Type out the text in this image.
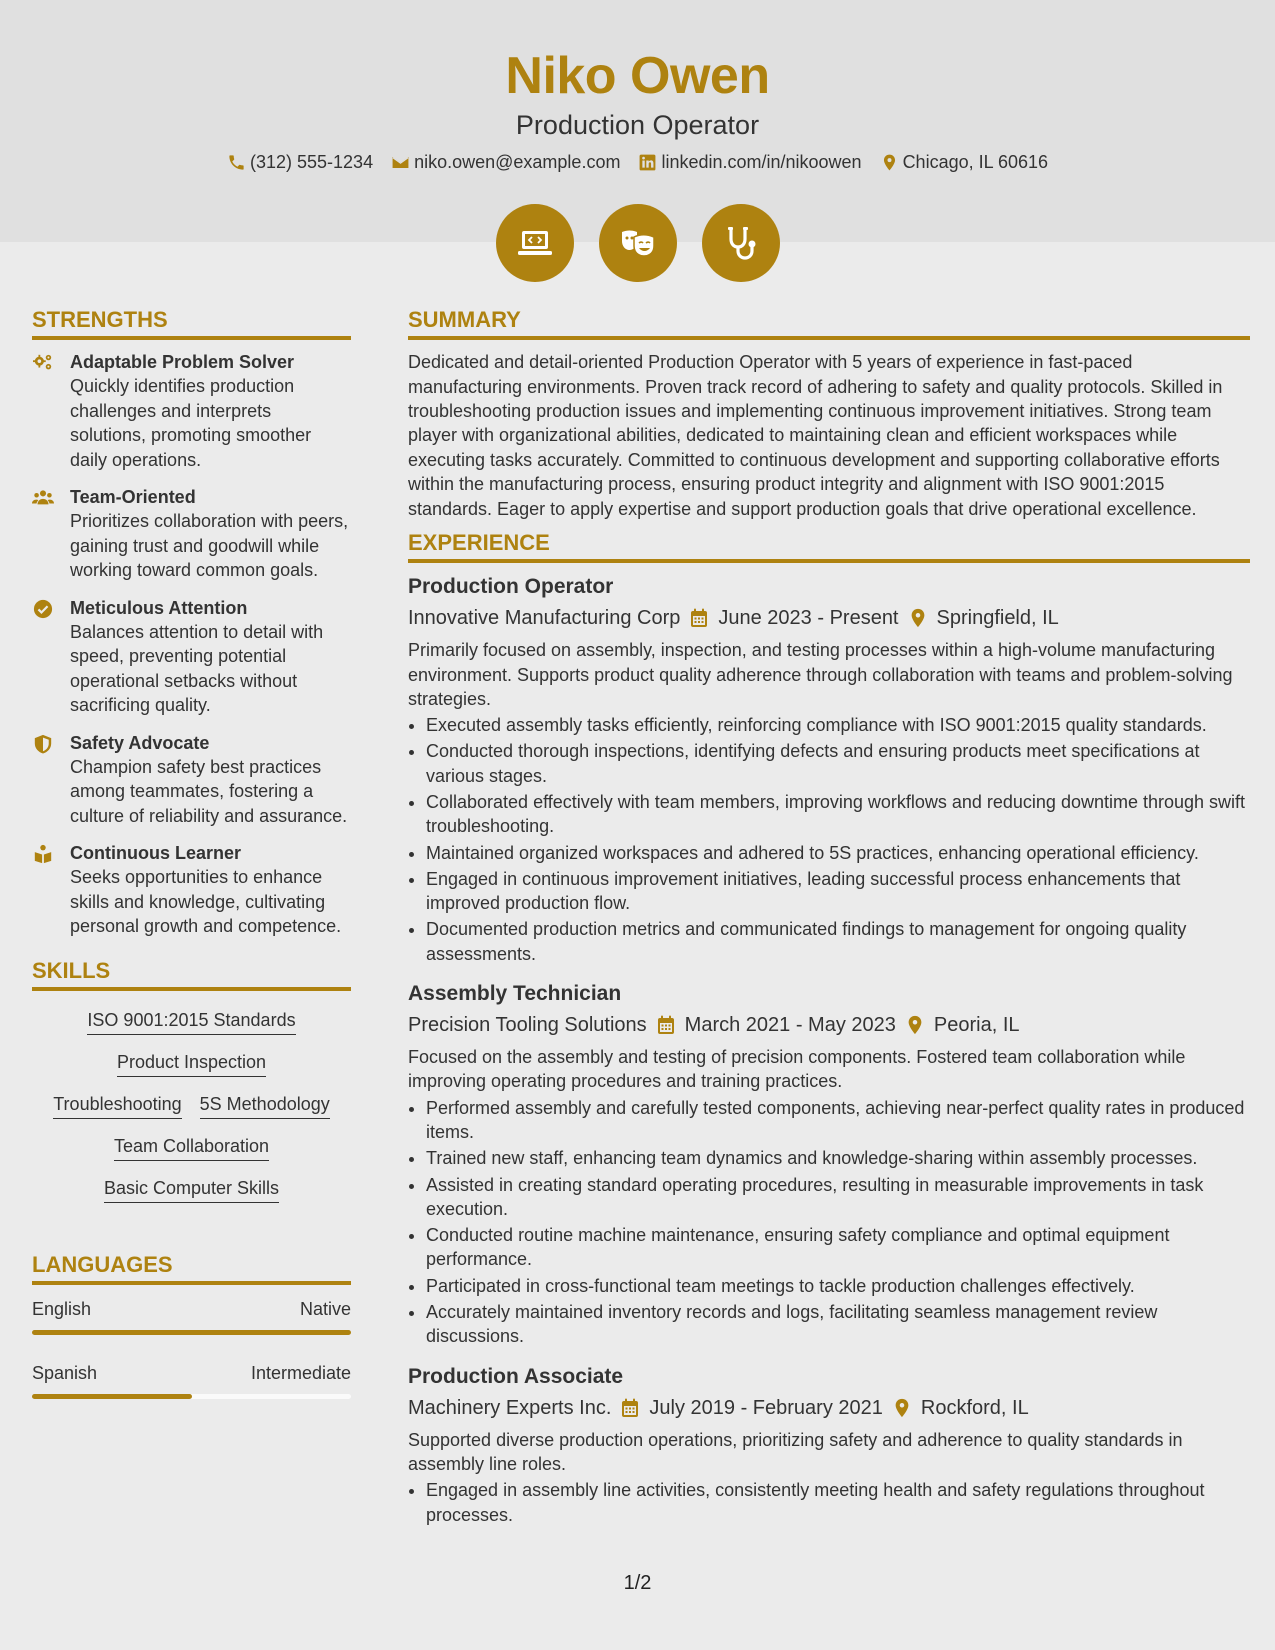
Niko Owen
Production Operator
(312) 555-1234 niko.owen@example.com linkedin.com/in/nikoowen Chicago, IL 60616
STRENGTHS
Adaptable Problem Solver
Quickly identifies production challenges and interprets solutions, promoting smoother daily operations.
Team-Oriented
Prioritizes collaboration with peers, gaining trust and goodwill while working toward common goals.
Meticulous Attention
Balances attention to detail with speed, preventing potential operational setbacks without sacrificing quality.
Safety Advocate
Champion safety best practices among teammates, fostering a culture of reliability and assurance.
Continuous Learner
Seeks opportunities to enhance skills and knowledge, cultivating personal growth and competence.
SKILLS
ISO 9001:2015 Standards
Product Inspection
Troubleshooting 5S Methodology
Team Collaboration
Basic Computer Skills
LANGUAGES
English	Native
Spanish	Intermediate
SUMMARY
Dedicated and detail-oriented Production Operator with 5 years of experience in fast-paced manufacturing environments. Proven track record of adhering to safety and quality protocols. Skilled in troubleshooting production issues and implementing continuous improvement initiatives. Strong team player with organizational abilities, dedicated to maintaining clean and efficient workspaces while executing tasks accurately. Committed to continuous development and supporting collaborative efforts within the manufacturing process, ensuring product integrity and alignment with ISO 9001:2015 standards. Eager to apply expertise and support production goals that drive operational excellence.
EXPERIENCE
Production Operator
Innovative Manufacturing Corp June 2023 - Present Springfield, IL
Primarily focused on assembly, inspection, and testing processes within a high-volume manufacturing environment. Supports product quality adherence through collaboration with teams and problem-solving strategies.
• Executed assembly tasks efficiently, reinforcing compliance with ISO 9001:2015 quality standards.
• Conducted thorough inspections, identifying defects and ensuring products meet specifications at various stages.
• Collaborated effectively with team members, improving workflows and reducing downtime through swift troubleshooting.
• Maintained organized workspaces and adhered to 5S practices, enhancing operational efficiency.
• Engaged in continuous improvement initiatives, leading successful process enhancements that improved production flow.
• Documented production metrics and communicated findings to management for ongoing quality assessments.
Assembly Technician
Precision Tooling Solutions March 2021 - May 2023 Peoria, IL
Focused on the assembly and testing of precision components. Fostered team collaboration while improving operating procedures and training practices.
• Performed assembly and carefully tested components, achieving near-perfect quality rates in produced items.
• Trained new staff, enhancing team dynamics and knowledge-sharing within assembly processes.
• Assisted in creating standard operating procedures, resulting in measurable improvements in task execution.
• Conducted routine machine maintenance, ensuring safety compliance and optimal equipment performance.
• Participated in cross-functional team meetings to tackle production challenges effectively.
• Accurately maintained inventory records and logs, facilitating seamless management review discussions.
Production Associate
Machinery Experts Inc. July 2019 - February 2021 Rockford, IL
Supported diverse production operations, prioritizing safety and adherence to quality standards in assembly line roles.
• Engaged in assembly line activities, consistently meeting health and safety regulations throughout processes.
1/2
